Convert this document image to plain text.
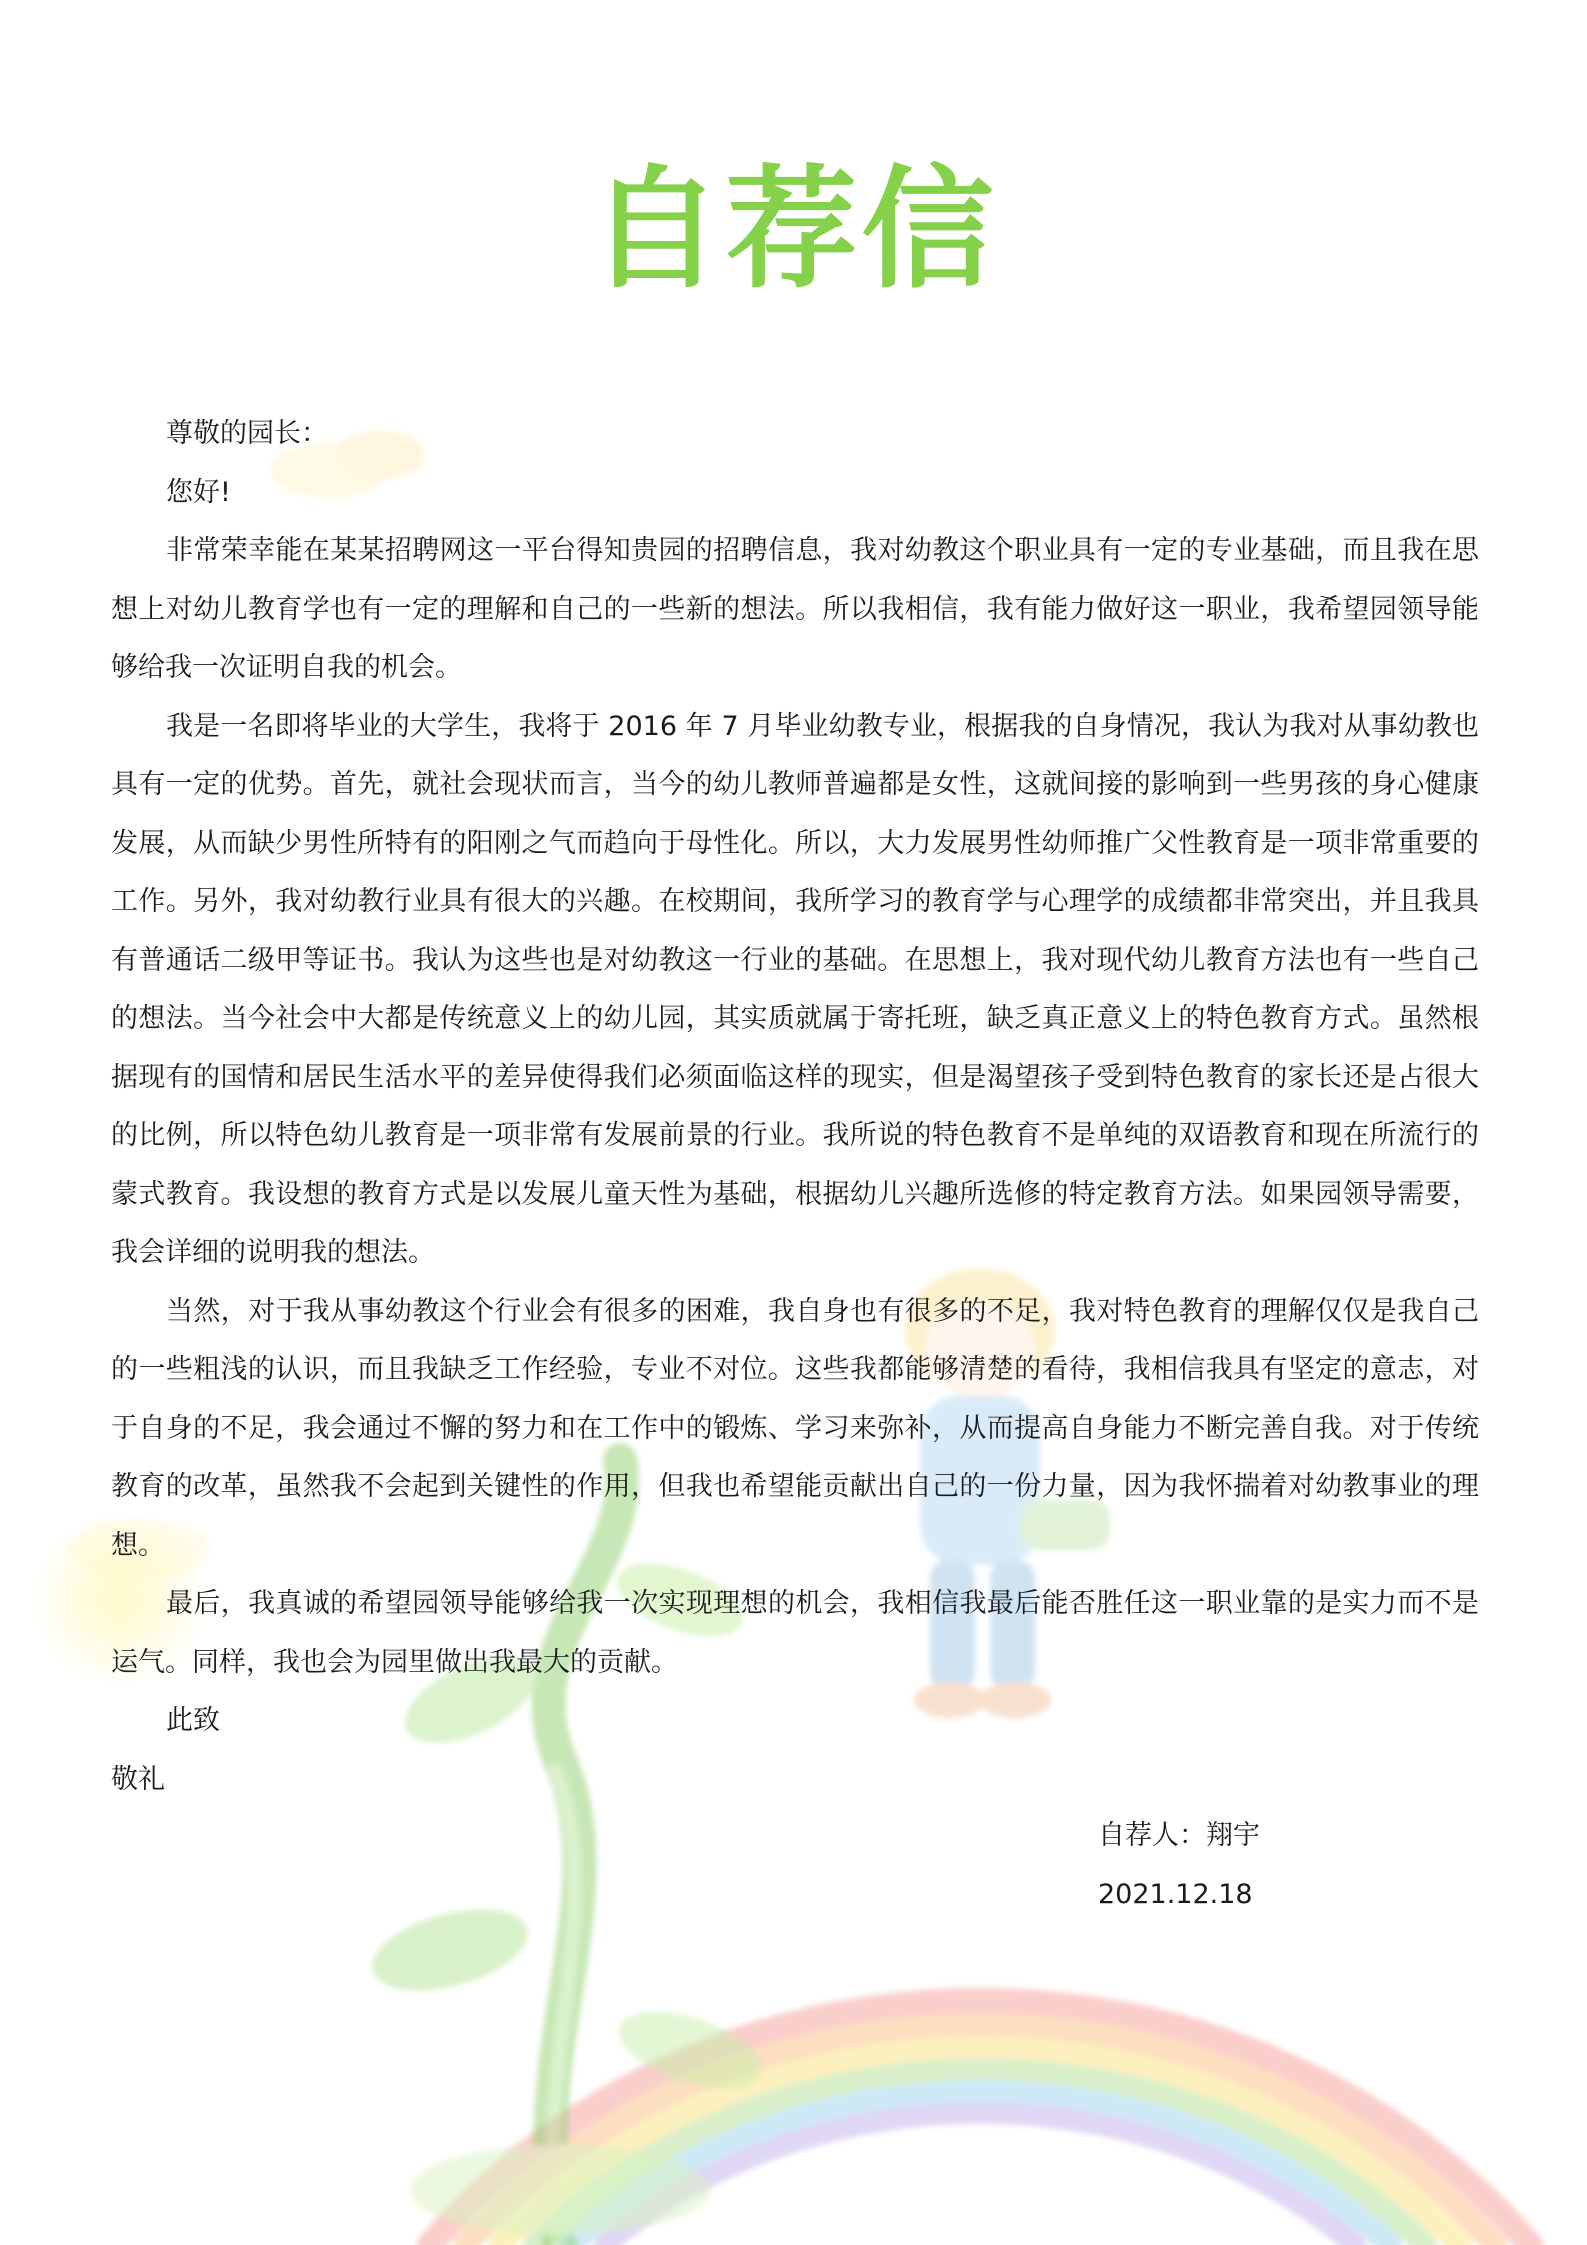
自荐信

尊敬的园长：

您好!

非常荣幸能在某某招聘网这一平台得知贵园的招聘信息，我对幼教这个职业具有一定的专业基础，而且我在思想上对幼儿教育学也有一定的理解和自己的一些新的想法。所以我相信，我有能力做好这一职业，我希望园领导能够给我一次证明自我的机会。

我是一名即将毕业的大学生，我将于 2016 年 7 月毕业幼教专业，根据我的自身情况，我认为我对从事幼教也具有一定的优势。首先，就社会现状而言，当今的幼儿教师普遍都是女性，这就间接的影响到一些男孩的身心健康发展，从而缺少男性所特有的阳刚之气而趋向于母性化。所以，大力发展男性幼师推广父性教育是一项非常重要的工作。另外，我对幼教行业具有很大的兴趣。在校期间，我所学习的教育学与心理学的成绩都非常突出，并且我具有普通话二级甲等证书。我认为这些也是对幼教这一行业的基础。在思想上，我对现代幼儿教育方法也有一些自己的想法。当今社会中大都是传统意义上的幼儿园，其实质就属于寄托班，缺乏真正意义上的特色教育方式。虽然根据现有的国情和居民生活水平的差异使得我们必须面临这样的现实，但是渴望孩子受到特色教育的家长还是占很大的比例，所以特色幼儿教育是一项非常有发展前景的行业。我所说的特色教育不是单纯的双语教育和现在所流行的蒙式教育。我设想的教育方式是以发展儿童天性为基础，根据幼儿兴趣所选修的特定教育方法。如果园领导需要，我会详细的说明我的想法。

当然，对于我从事幼教这个行业会有很多的困难，我自身也有很多的不足，我对特色教育的理解仅仅是我自己的一些粗浅的认识，而且我缺乏工作经验，专业不对位。这些我都能够清楚的看待，我相信我具有坚定的意志，对于自身的不足，我会通过不懈的努力和在工作中的锻炼、学习来弥补，从而提高自身能力不断完善自我。对于传统教育的改革，虽然我不会起到关键性的作用，但我也希望能贡献出自己的一份力量，因为我怀揣着对幼教事业的理想。

最后，我真诚的希望园领导能够给我一次实现理想的机会，我相信我最后能否胜任这一职业靠的是实力而不是运气。同样，我也会为园里做出我最大的贡献。

此致

敬礼

自荐人：翔宇
2021.12.18
